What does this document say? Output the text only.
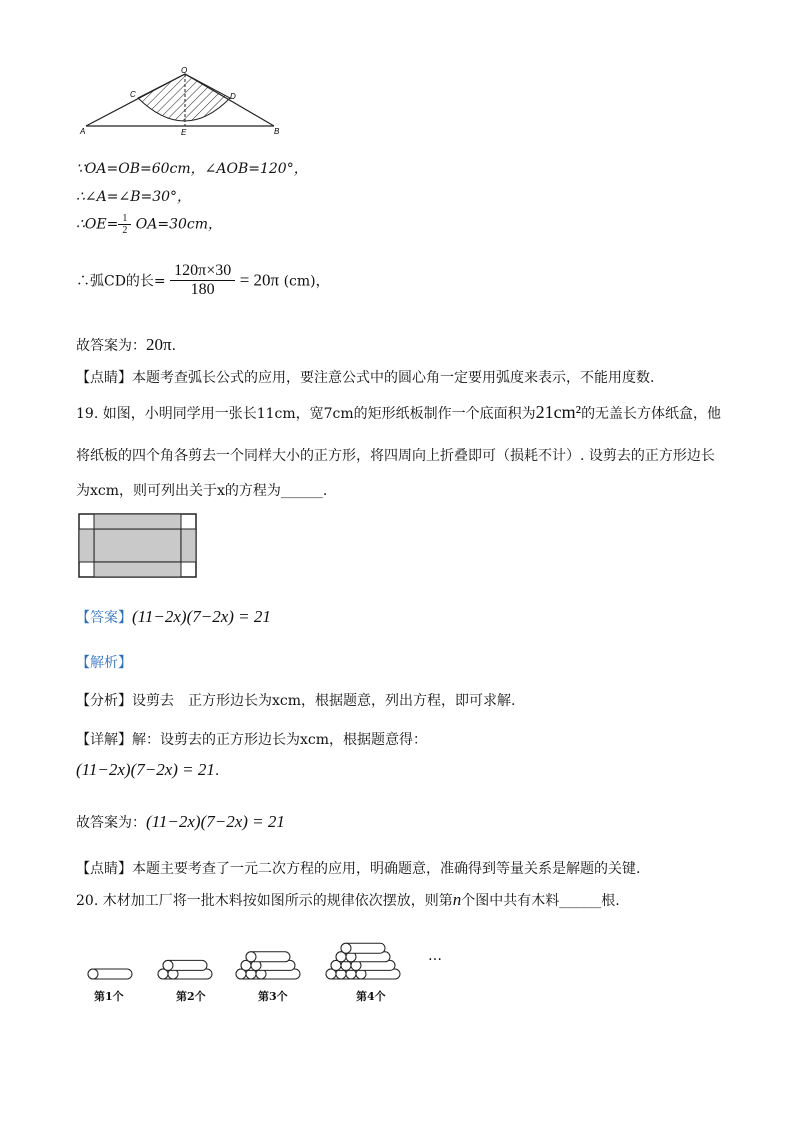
O
C	D
A	E	B
∵OA=OB=60cm，∠AOB=120°，
∴∠A=∠B=30°，
∴OE= $\frac{1}{2} OA=30cm$，
∴弧CD的长= $\frac{120\pi\times 30}{180} = 20\pi$ (cm)，
故答案为：20π.
【点睛】本题考查弧长公式的应用，要注意公式中的圆心角一定要用弧度来表示，不能用度数.
19. 如图，小明同学用一张长11cm，宽7cm的矩形纸板制作一个底面积为21cm²的无盖长方体纸盒，他
将纸板的四个角各剪去一个同样大小的正方形，将四周向上折叠即可（损耗不计）. 设剪去的正方形边长
为xcm，则可列出关于x的方程为______.
【答案】(11−2x)(7−2x) = 21
【解析】
【分析】设剪去　正方形边长为xcm，根据题意，列出方程，即可求解.
【详解】解：设剪去的正方形边长为xcm，根据题意得：
(11−2x)(7−2x) = 21.
故答案为：(11−2x)(7−2x) = 21
【点睛】本题主要考查了一元二次方程的应用，明确题意，准确得到等量关系是解题的关键.
20. 木材加工厂将一批木料按如图所示的规律依次摆放，则第n个图中共有木料______根.
…
第1个	第2个	第3个	第4个
